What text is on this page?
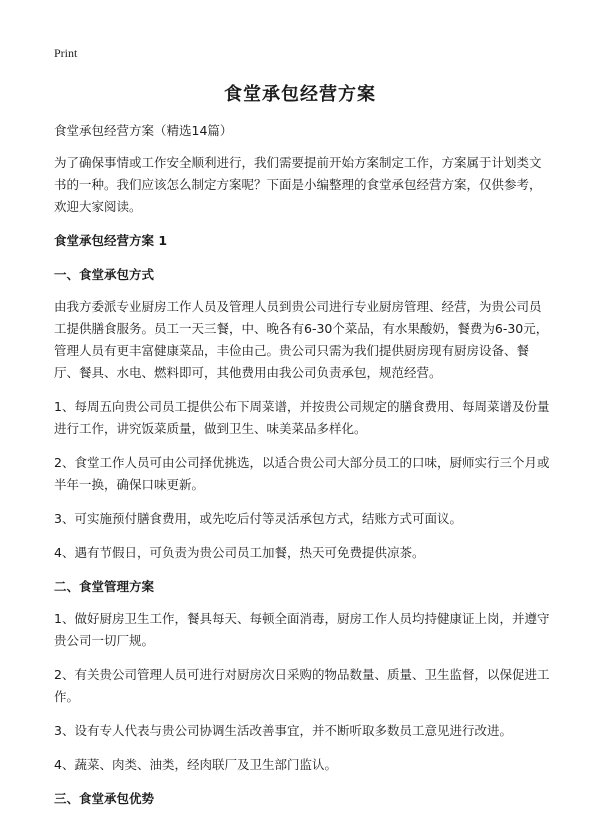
Print
食堂承包经营方案

食堂承包经营方案（精选14篇）

为了确保事情或工作安全顺利进行，我们需要提前开始方案制定工作，方案属于计划类文书的一种。我们应该怎么制定方案呢？下面是小编整理的食堂承包经营方案，仅供参考，欢迎大家阅读。

食堂承包经营方案 1

一、食堂承包方式

由我方委派专业厨房工作人员及管理人员到贵公司进行专业厨房管理、经营，为贵公司员工提供膳食服务。员工一天三餐，中、晚各有6-30个菜品，有水果酸奶，餐费为6-30元，管理人员有更丰富健康菜品，丰俭由己。贵公司只需为我们提供厨房现有厨房设备、餐厅、餐具、水电、燃料即可，其他费用由我公司负责承包，规范经营。

1、每周五向贵公司员工提供公布下周菜谱，并按贵公司规定的膳食费用、每周菜谱及份量进行工作，讲究饭菜质量，做到卫生、味美菜品多样化。

2、食堂工作人员可由公司择优挑选，以适合贵公司大部分员工的口味，厨师实行三个月或半年一换，确保口味更新。

3、可实施预付膳食费用，或先吃后付等灵活承包方式，结账方式可面议。

4、遇有节假日，可负责为贵公司员工加餐，热天可免费提供凉茶。

二、食堂管理方案

1、做好厨房卫生工作，餐具每天、每顿全面消毒，厨房工作人员均持健康证上岗，并遵守贵公司一切厂规。

2、有关贵公司管理人员可进行对厨房次日采购的物品数量、质量、卫生监督，以保促进工作。

3、设有专人代表与贵公司协调生活改善事宜，并不断听取多数员工意见进行改进。

4、蔬菜、肉类、油类，经肉联厂及卫生部门监认。

三、食堂承包优势
